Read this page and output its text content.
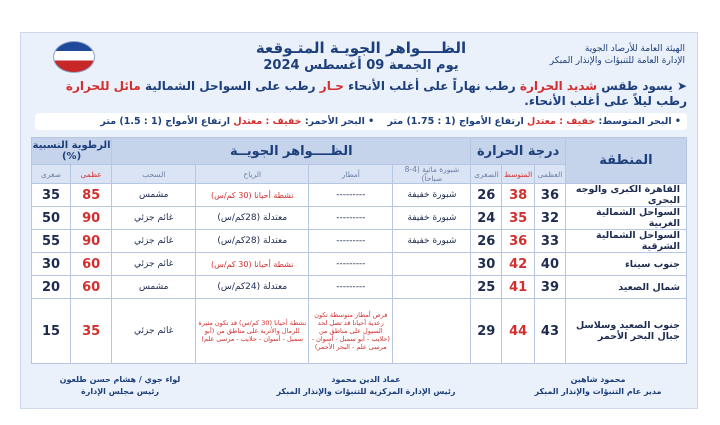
الهيئة العامة للأرصاد الجوية
الإدارة العامة للتنبؤات والإنذار المبكر
الظــــواهر الجويـة المتـوقعة
يوم الجمعة 09 أغسطس 2024
➤ يسود طقس شديد الحرارة رطب نهاراً على أغلب الأنحاء حـار رطب على السواحل الشمالية مائل للحرارة رطب ليلاً على أغلب الأنحاء.
• البحر المتوسط: خفيف : معتدل ارتفاع الأمواج (1 : 1.75) متر    • البحر الأحمر: خفيف : معتدل ارتفاع الأمواج (1 : 1.5) متر
المنطقة	درجة الحرارة			الظــــواهر الجويــة				الرطوبة النسبية (%)	
	العظمى	المتوسط	الصغرى	شبورة مائية (4-8 صباحاً)	أمطار	الرياح	السحب	عظمى	صغرى
القاهرة الكبرى والوجه البحرى	36	38	26	شبورة خفيفة	---------	نشطة أحيانا (30 كم/س)	مشمس	85	35
السواحل الشمالية الغربية	32	35	24	شبورة خفيفة	---------	معتدلة (28كم/س)	غائم جزئي	90	50
السواحل الشمالية الشرقية	33	36	26	شبورة خفيفة	---------	معتدلة (28كم/س)	غائم جزئي	90	55
جنوب سيناء	40	42	30		---------	نشطة أحيانا (30 كم/س)	غائم جزئي	60	30
شمال الصعيد	39	41	25		---------	معتدلة (24كم/س)	مشمس	60	20
جنوب الصعيد وسلاسل جبال البحر الأحمر	43	44	29		فرص أمطار متوسطة تكون رعدية أحيانا قد تصل لحد السيول على مناطق من (حلايب - أبو سمبل - أسوان - مرسى علم - البحر الأحمر)	نشطة أحيانا (30 كم/س) قد تكون مثيرة للرمال والأتربة على مناطق من (أبو سمبل - أسوان - حلايب - مرسى علم)	غائم جزئي	35	15
محمود شاهين
مدير عام التنبؤات والإنذار المبكر
عماد الدين محمود
رئيس الإدارة المركزية للتنبؤات والإنذار المبكر
لواء جوي / هشام حسن طلعون
رئيس مجلس الإدارة
